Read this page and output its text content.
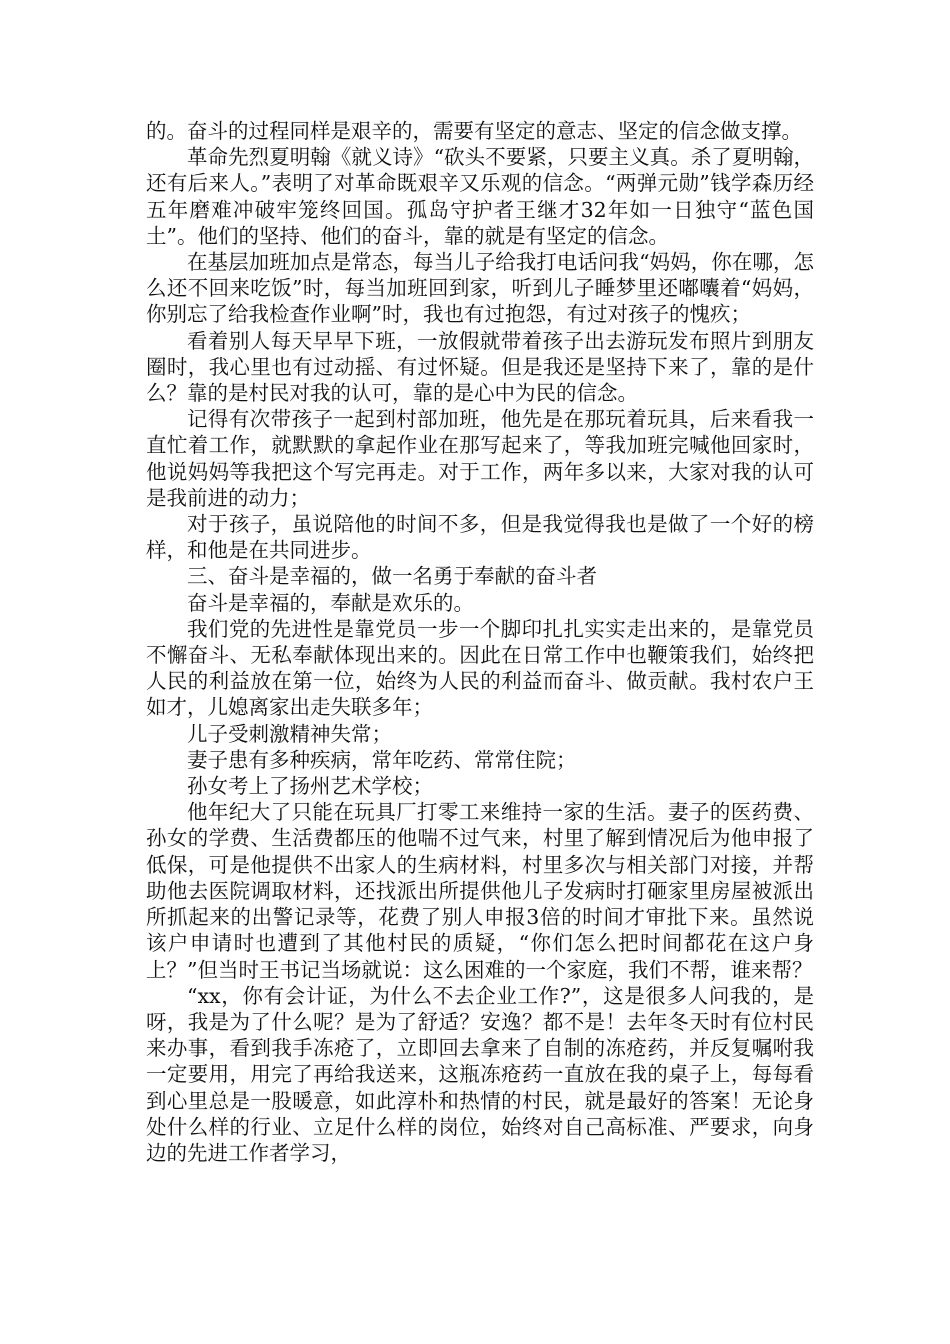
的。奋斗的过程同样是艰辛的，需要有坚定的意志、坚定的信念做支撑。

革命先烈夏明翰《就义诗》“砍头不要紧，只要主义真。杀了夏明翰，还有后来人。”表明了对革命既艰辛又乐观的信念。“两弹元勋”钱学森历经五年磨难冲破牢笼终回国。孤岛守护者王继才32年如一日独守“蓝色国土”。他们的坚持、他们的奋斗，靠的就是有坚定的信念。

在基层加班加点是常态，每当儿子给我打电话问我“妈妈，你在哪，怎么还不回来吃饭”时，每当加班回到家，听到儿子睡梦里还嘟囔着“妈妈，你别忘了给我检查作业啊”时，我也有过抱怨，有过对孩子的愧疚；

看着别人每天早早下班，一放假就带着孩子出去游玩发布照片到朋友圈时，我心里也有过动摇、有过怀疑。但是我还是坚持下来了，靠的是什么？靠的是村民对我的认可，靠的是心中为民的信念。

记得有次带孩子一起到村部加班，他先是在那玩着玩具，后来看我一直忙着工作，就默默的拿起作业在那写起来了，等我加班完喊他回家时，他说妈妈等我把这个写完再走。对于工作，两年多以来，大家对我的认可是我前进的动力；

对于孩子，虽说陪他的时间不多，但是我觉得我也是做了一个好的榜样，和他是在共同进步。

三、奋斗是幸福的，做一名勇于奉献的奋斗者

奋斗是幸福的，奉献是欢乐的。

我们党的先进性是靠党员一步一个脚印扎扎实实走出来的，是靠党员不懈奋斗、无私奉献体现出来的。因此在日常工作中也鞭策我们，始终把人民的利益放在第一位，始终为人民的利益而奋斗、做贡献。我村农户王如才，儿媳离家出走失联多年；

儿子受刺激精神失常；

妻子患有多种疾病，常年吃药、常常住院；

孙女考上了扬州艺术学校；

他年纪大了只能在玩具厂打零工来维持一家的生活。妻子的医药费、孙女的学费、生活费都压的他喘不过气来，村里了解到情况后为他申报了低保，可是他提供不出家人的生病材料，村里多次与相关部门对接，并帮助他去医院调取材料，还找派出所提供他儿子发病时打砸家里房屋被派出所抓起来的出警记录等，花费了别人申报3倍的时间才审批下来。虽然说该户申请时也遭到了其他村民的质疑，“你们怎么把时间都花在这户身上？”但当时王书记当场就说：这么困难的一个家庭，我们不帮，谁来帮？

“xx，你有会计证，为什么不去企业工作?”，这是很多人问我的，是呀，我是为了什么呢？是为了舒适？安逸？都不是！去年冬天时有位村民来办事，看到我手冻疮了，立即回去拿来了自制的冻疮药，并反复嘱咐我一定要用，用完了再给我送来，这瓶冻疮药一直放在我的桌子上，每每看到心里总是一股暖意，如此淳朴和热情的村民，就是最好的答案！无论身处什么样的行业、立足什么样的岗位，始终对自己高标准、严要求，向身边的先进工作者学习，
